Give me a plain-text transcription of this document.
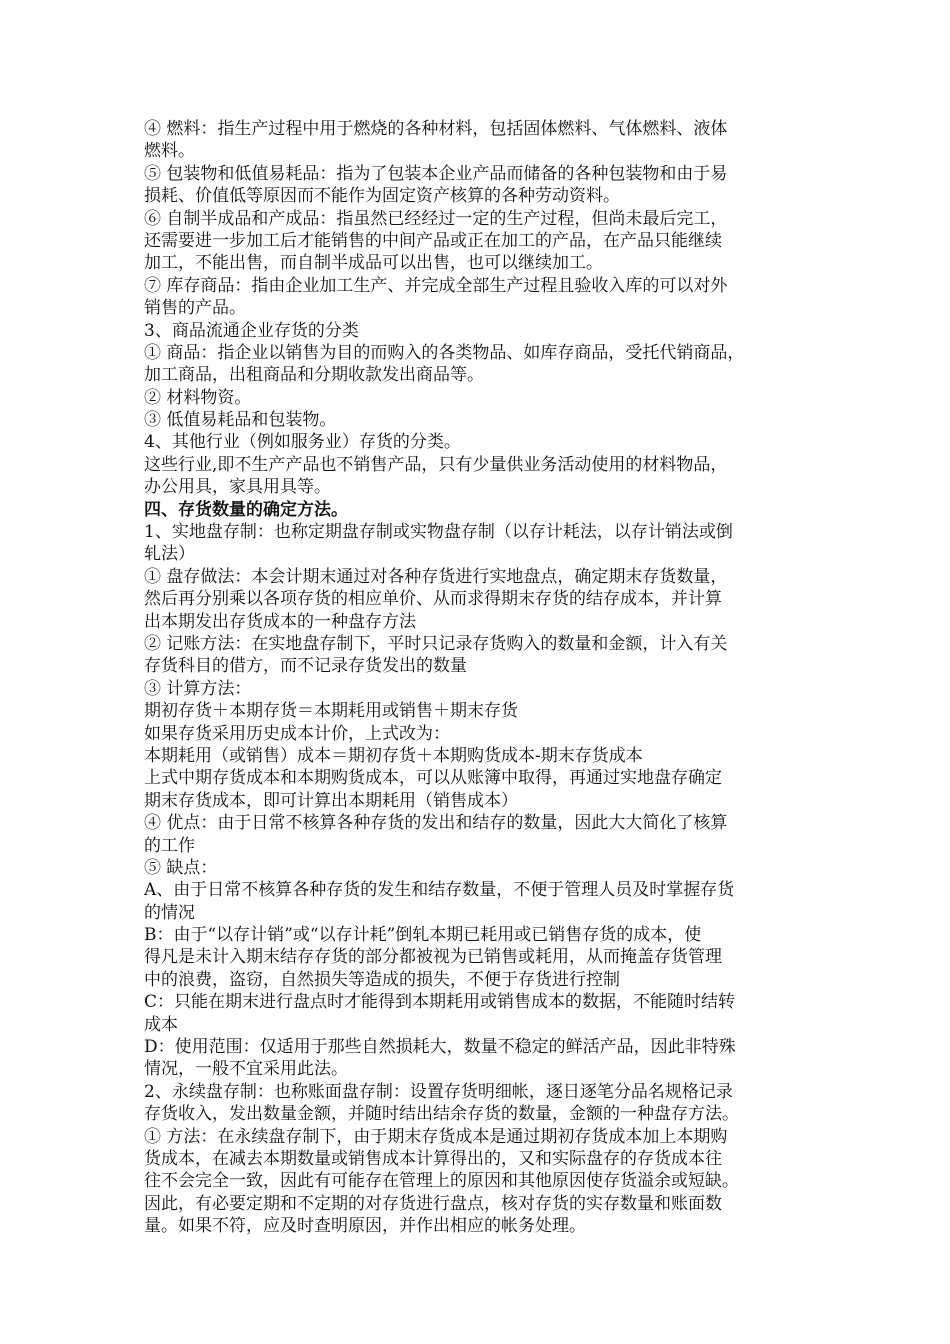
④ 燃料：指生产过程中用于燃烧的各种材料，包括固体燃料、气体燃料、液体
燃料。
⑤ 包装物和低值易耗品：指为了包装本企业产品而储备的各种包装物和由于易
损耗、价值低等原因而不能作为固定资产核算的各种劳动资料。
⑥ 自制半成品和产成品：指虽然已经经过一定的生产过程，但尚未最后完工，
还需要进一步加工后才能销售的中间产品或正在加工的产品，在产品只能继续
加工，不能出售，而自制半成品可以出售，也可以继续加工。
⑦ 库存商品：指由企业加工生产、并完成全部生产过程且验收入库的可以对外
销售的产品。
3、商品流通企业存货的分类
① 商品：指企业以销售为目的而购入的各类物品、如库存商品，受托代销商品，
加工商品，出租商品和分期收款发出商品等。
② 材料物资。
③ 低值易耗品和包装物。
4、其他行业（例如服务业）存货的分类。
这些行业,即不生产产品也不销售产品，只有少量供业务活动使用的材料物品，
办公用具，家具用具等。
四、存货数量的确定方法。
1、实地盘存制：也称定期盘存制或实物盘存制（以存计耗法，以存计销法或倒
轧法）
① 盘存做法：本会计期末通过对各种存货进行实地盘点，确定期末存货数量，
然后再分别乘以各项存货的相应单价、从而求得期末存货的结存成本，并计算
出本期发出存货成本的一种盘存方法
② 记账方法：在实地盘存制下，平时只记录存货购入的数量和金额，计入有关
存货科目的借方，而不记录存货发出的数量
③ 计算方法：
期初存货＋本期存货＝本期耗用或销售＋期末存货
如果存货采用历史成本计价，上式改为：
本期耗用（或销售）成本＝期初存货＋本期购货成本-期末存货成本
上式中期存货成本和本期购货成本，可以从账簿中取得，再通过实地盘存确定
期末存货成本，即可计算出本期耗用（销售成本）
④ 优点：由于日常不核算各种存货的发出和结存的数量，因此大大简化了核算
的工作
⑤ 缺点：
A、由于日常不核算各种存货的发生和结存数量，不便于管理人员及时掌握存货
的情况
B：由于“以存计销”或“以存计耗”倒轧本期已耗用或已销售存货的成本，使
得凡是未计入期末结存存货的部分都被视为已销售或耗用，从而掩盖存货管理
中的浪费，盗窃，自然损失等造成的损失，不便于存货进行控制
C：只能在期末进行盘点时才能得到本期耗用或销售成本的数据，不能随时结转
成本
D：使用范围：仅适用于那些自然损耗大，数量不稳定的鲜活产品，因此非特殊
情况，一般不宜采用此法。
2、永续盘存制：也称账面盘存制：设置存货明细帐，逐日逐笔分品名规格记录
存货收入，发出数量金额，并随时结出结余存货的数量，金额的一种盘存方法。
① 方法：在永续盘存制下，由于期末存货成本是通过期初存货成本加上本期购
货成本，在减去本期数量或销售成本计算得出的，又和实际盘存的存货成本往
往不会完全一致，因此有可能存在管理上的原因和其他原因使存货溢余或短缺。
因此，有必要定期和不定期的对存货进行盘点，核对存货的实存数量和账面数
量。如果不符，应及时查明原因，并作出相应的帐务处理。
